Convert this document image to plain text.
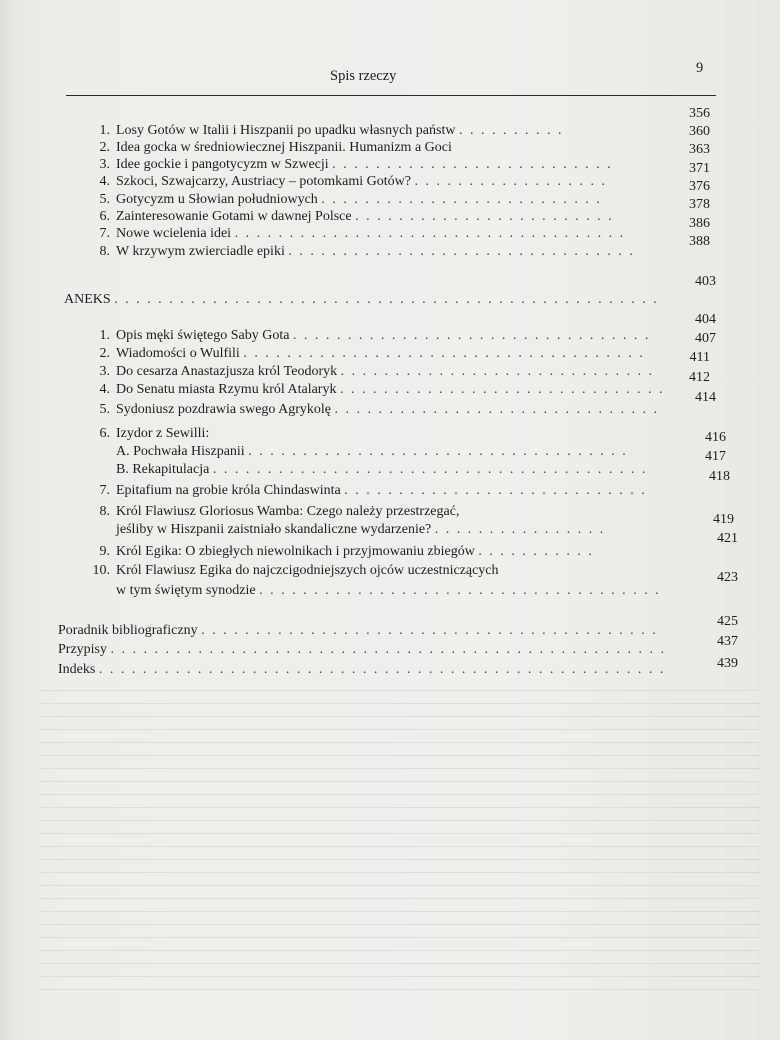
Spis rzeczy	9
1. Losy Gotów w Italii i Hiszpanii po upadku własnych państw . . . . . . . . . .
356
2. Idea gocka w średniowiecznej Hiszpanii. Humanizm a Goci
360
3. Idee gockie i pangotycyzm w Szwecji . . . . . . . . . . . . . . . . . . . . . . . . . .
363
4. Szkoci, Szwajcarzy, Austriacy – potomkami Gotów? . . . . . . . . . . . . . . . . . .
371
5. Gotycyzm u Słowian południowych . . . . . . . . . . . . . . . . . . . . . . . . . .
376
6. Zainteresowanie Gotami w dawnej Polsce . . . . . . . . . . . . . . . . . . . . . . . .
378
7. Nowe wcielenia idei . . . . . . . . . . . . . . . . . . . . . . . . . . . . . . . . . . . .
386
8. W krzywym zwierciadle epiki . . . . . . . . . . . . . . . . . . . . . . . . . . . . . . . .
388
ANEKS . . . . . . . . . . . . . . . . . . . . . . . . . . . . . . . . . . . . . . . . . . . . . . . . . .
403
1. Opis męki świętego Saby Gota . . . . . . . . . . . . . . . . . . . . . . . . . . . . . . . . .
404
2. Wiadomości o Wulfili . . . . . . . . . . . . . . . . . . . . . . . . . . . . . . . . . . . . .
407
3. Do cesarza Anastazjusza król Teodoryk . . . . . . . . . . . . . . . . . . . . . . . . . . . . .
411
4. Do Senatu miasta Rzymu król Atalaryk . . . . . . . . . . . . . . . . . . . . . . . . . . . . . .
412
5. Sydoniusz pozdrawia swego Agrykolę . . . . . . . . . . . . . . . . . . . . . . . . . . . . . .
414
6. Izydor z Sewilli:
A. Pochwała Hiszpanii . . . . . . . . . . . . . . . . . . . . . . . . . . . . . . . . . . .
416
B. Rekapitulacja . . . . . . . . . . . . . . . . . . . . . . . . . . . . . . . . . . . . . . . .
417
7. Epitafium na grobie króla Chindaswinta . . . . . . . . . . . . . . . . . . . . . . . . . . . .
418
8. Król Flawiusz Gloriosus Wamba: Czego należy przestrzegać,
jeśliby w Hiszpanii zaistniało skandaliczne wydarzenie? . . . . . . . . . . . . . . . .
419
9. Król Egika: O zbiegłych niewolnikach i przyjmowaniu zbiegów . . . . . . . . . . .
421
10. Król Flawiusz Egika do najczcigodniejszych ojców uczestniczących
w tym świętym synodzie . . . . . . . . . . . . . . . . . . . . . . . . . . . . . . . . . . . . .
423
Poradnik bibliograficzny . . . . . . . . . . . . . . . . . . . . . . . . . . . . . . . . . . . . . . . . . .
425
Przypisy . . . . . . . . . . . . . . . . . . . . . . . . . . . . . . . . . . . . . . . . . . . . . . . . . . .
437
Indeks . . . . . . . . . . . . . . . . . . . . . . . . . . . . . . . . . . . . . . . . . . . . . . . . . . . .	439
